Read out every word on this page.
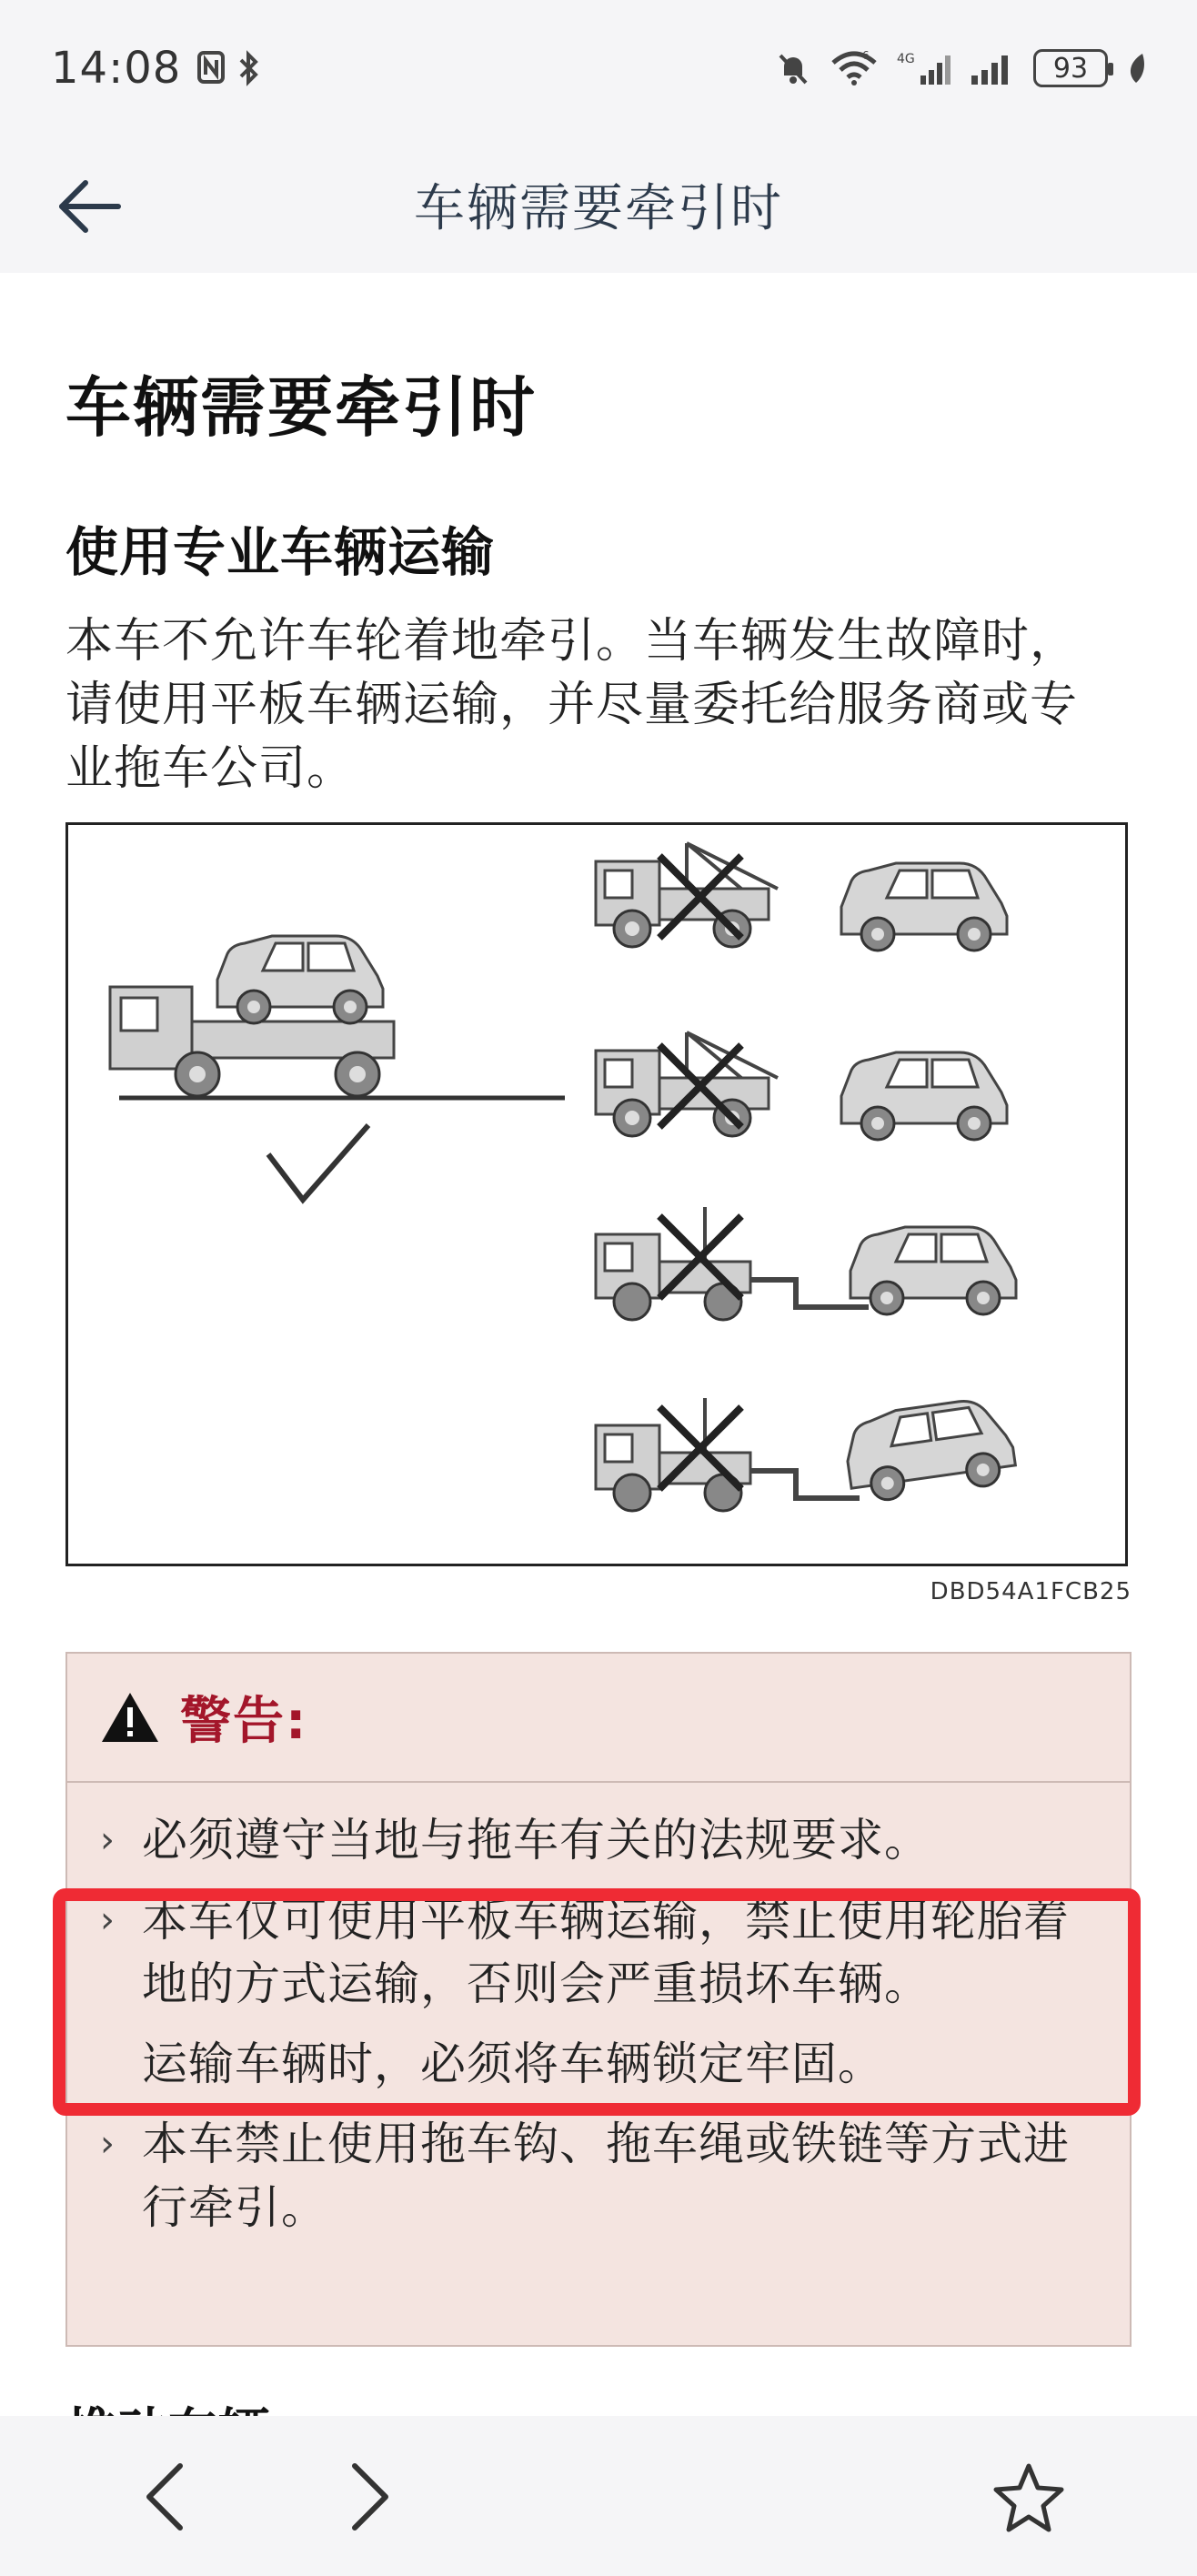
14:08	6 4G	93
车辆需要牵引时
车辆需要牵引时
使用专业车辆运输
本车不允许车轮着地牵引。当车辆发生故障时，
请使用平板车辆运输，并尽量委托给服务商或专
业拖车公司。
DBD54A1FCB25
警告:
› 必须遵守当地与拖车有关的法规要求。
› 本车仅可使用平板车辆运输，禁止使用轮胎着地的方式运输，否则会严重损坏车辆。
运输车辆时，必须将车辆锁定牢固。
› 本车禁止使用拖车钩、拖车绳或铁链等方式进行牵引。
